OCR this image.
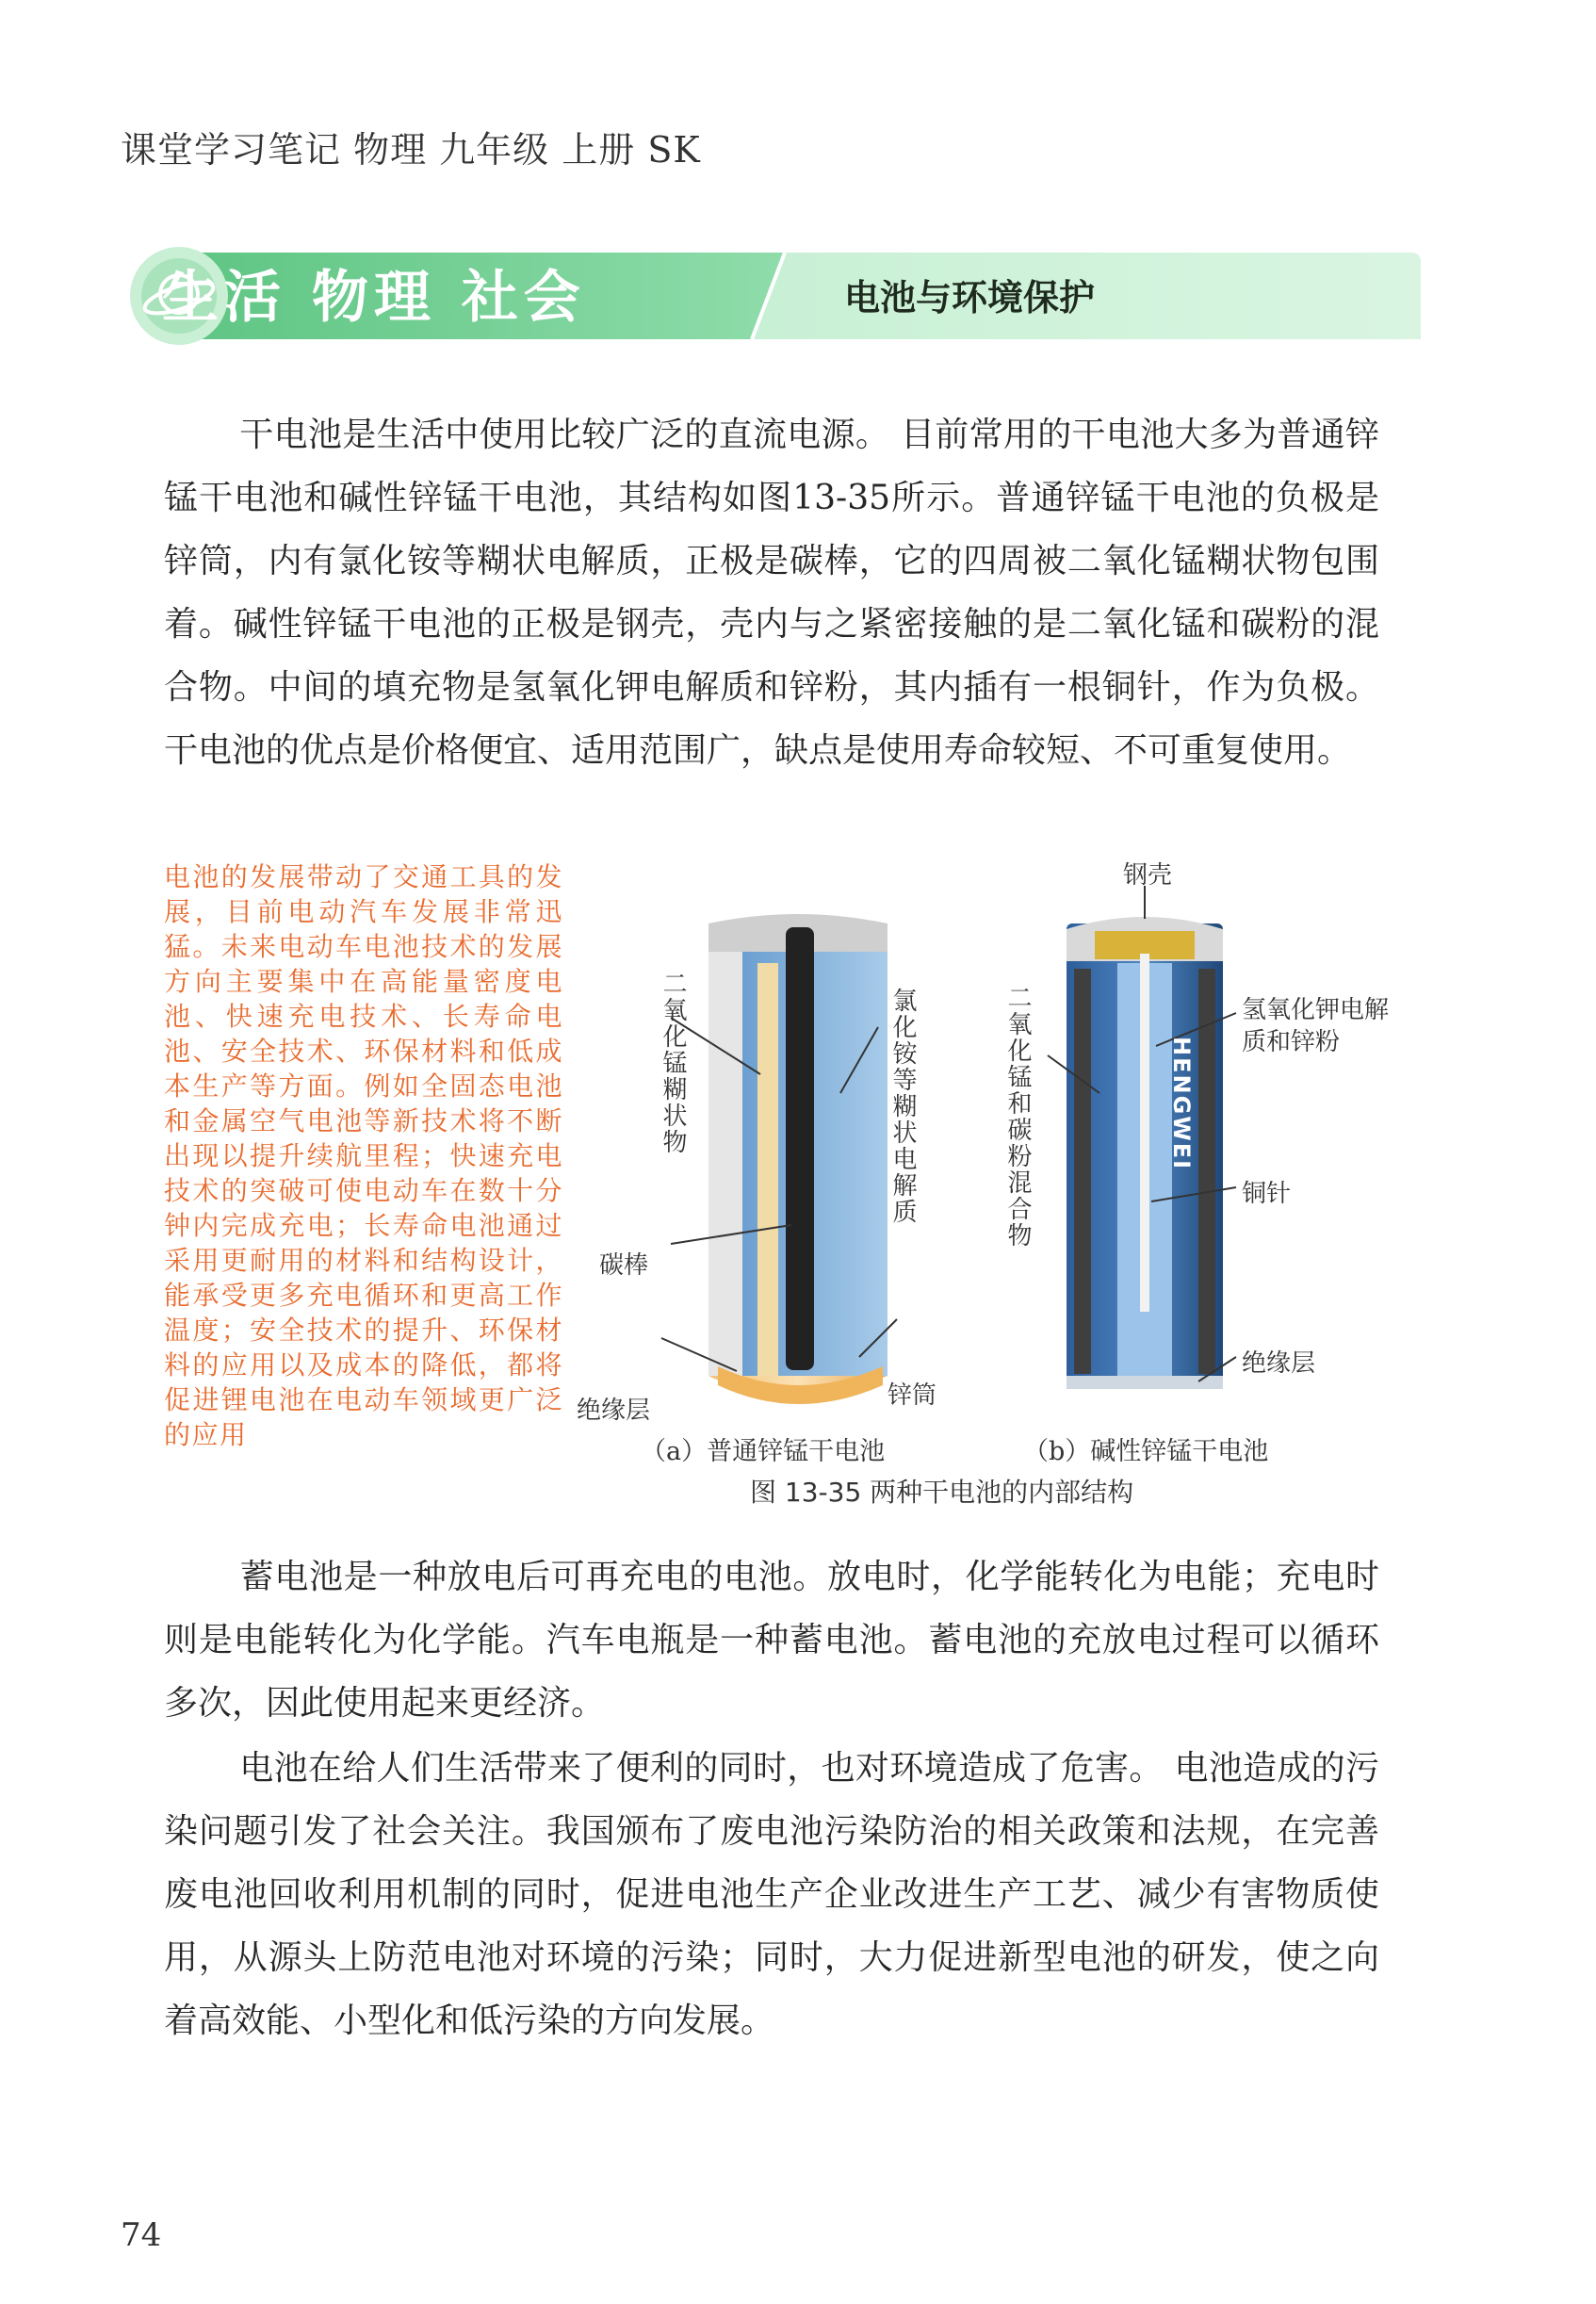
课堂学习笔记 物理 九年级 上册 SK
生活 物理 社会	电池与环境保护

干电池是生活中使用比较广泛的直流电源。 目前常用的干电池大多为普通锌锰干电池和碱性锌锰干电池，其结构如图13-35所示。普通锌锰干电池的负极是锌筒，内有氯化铵等糊状电解质，正极是碳棒，它的四周被二氧化锰糊状物包围着。碱性锌锰干电池的正极是钢壳，壳内与之紧密接触的是二氧化锰和碳粉的混合物。中间的填充物是氢氧化钾电解质和锌粉，其内插有一根铜针，作为负极。干电池的优点是价格便宜、适用范围广，缺点是使用寿命较短、不可重复使用。

电池的发展带动了交通工具的发展，目前电动汽车发展非常迅猛。未来电动车电池技术的发展方向主要集中在高能量密度电池、快速充电技术、长寿命电池、安全技术、环保材料和低成本生产等方面。例如全固态电池和金属空气电池等新技术将不断出现以提升续航里程；快速充电技术的突破可使电动车在数十分钟内完成充电；长寿命电池通过采用更耐用的材料和结构设计，能承受更多充电循环和更高工作温度；安全技术的提升、环保材料的应用以及成本的降低，都将促进锂电池在电动车领域更广泛的应用

二氧化锰糊状物	氯化铵等糊状电解质
碳棒
绝缘层
锌筒
钢壳
二氧化锰和碳粉混合物	氢氧化钾电解质和锌粉
铜针
绝缘层
HENGWEI
（a）普通锌锰干电池	（b）碱性锌锰干电池
图 13-35 两种干电池的内部结构

蓄电池是一种放电后可再充电的电池。放电时，化学能转化为电能；充电时则是电能转化为化学能。汽车电瓶是一种蓄电池。蓄电池的充放电过程可以循环多次，因此使用起来更经济。

电池在给人们生活带来了便利的同时，也对环境造成了危害。 电池造成的污染问题引发了社会关注。我国颁布了废电池污染防治的相关政策和法规，在完善废电池回收利用机制的同时，促进电池生产企业改进生产工艺、减少有害物质使用，从源头上防范电池对环境的污染；同时，大力促进新型电池的研发，使之向着高效能、小型化和低污染的方向发展。

74
